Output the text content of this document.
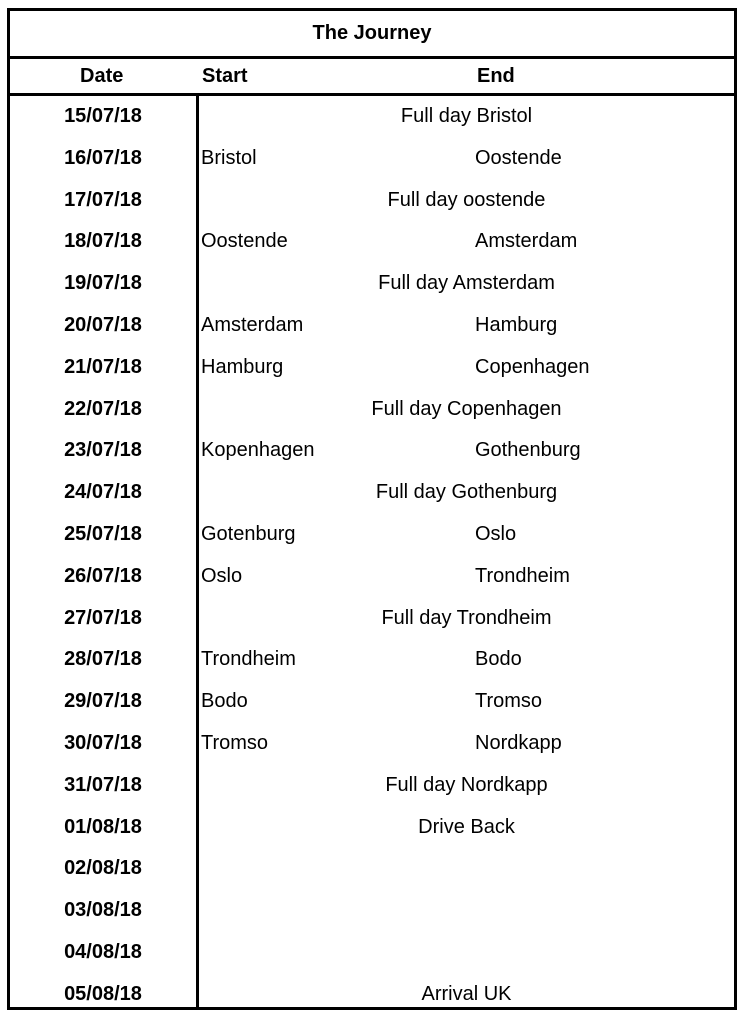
The Journey
Date	Start	End
15/07/18	Full day Bristol
16/07/18	Bristol	Oostende
17/07/18	Full day oostende
18/07/18	Oostende	Amsterdam
19/07/18	Full day Amsterdam
20/07/18	Amsterdam	Hamburg
21/07/18	Hamburg	Copenhagen
22/07/18	Full day Copenhagen
23/07/18	Kopenhagen	Gothenburg
24/07/18	Full day Gothenburg
25/07/18	Gotenburg	Oslo
26/07/18	Oslo	Trondheim
27/07/18	Full day Trondheim
28/07/18	Trondheim	Bodo
29/07/18	Bodo	Tromso
30/07/18	Tromso	Nordkapp
31/07/18	Full day Nordkapp
01/08/18	Drive Back
02/08/18
03/08/18
04/08/18
05/08/18	Arrival UK
